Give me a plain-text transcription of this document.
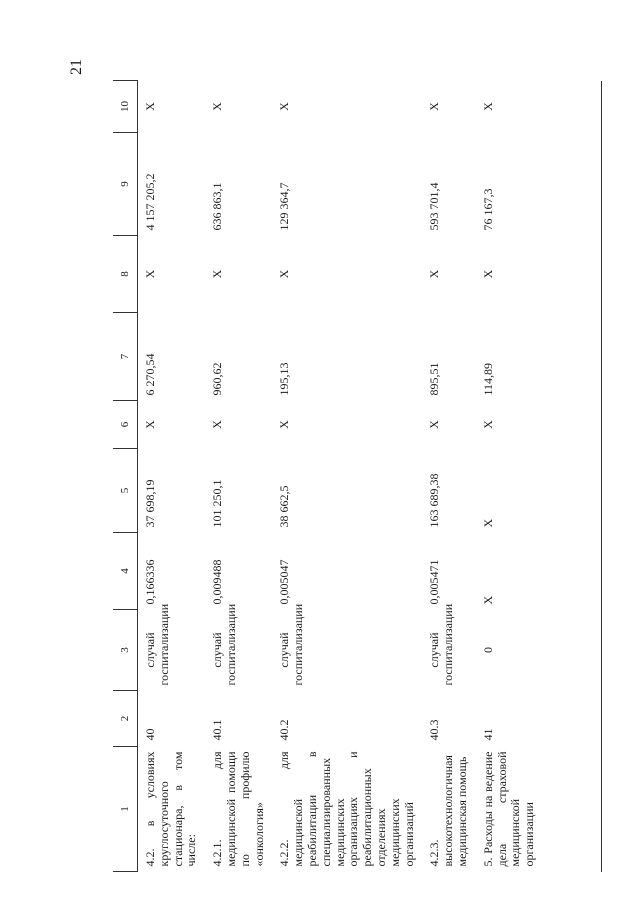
21
1	2	3	4	5	6	7	8	9	10
4.2. в условиях круглосуточного стационара, в том числе:	40	случай госпитализации	0,166336	37 698,19	X	6 270,54	X	4 157 205,2	X
4.2.1. для медицинской помощи по профилю «онкология»	40.1	случай госпитализации	0,009488	101 250,1	X	960,62	X	636 863,1	X
4.2.2. для медицинской реабилитации в специализированных медицинских организациях и реабилитационных отделениях медицинских организаций	40.2	случай госпитализации	0,005047	38 662,5	X	195,13	X	129 364,7	X
4.2.3. высокотехнологичная медицинская помощь	40.3	случай госпитализации	0,005471	163 689,38	X	895,51	X	593 701,4	X
5. Расходы на ведение дела страховой медицинской организации	41	0	X	X	X	114,89	X	76 167,3	X
